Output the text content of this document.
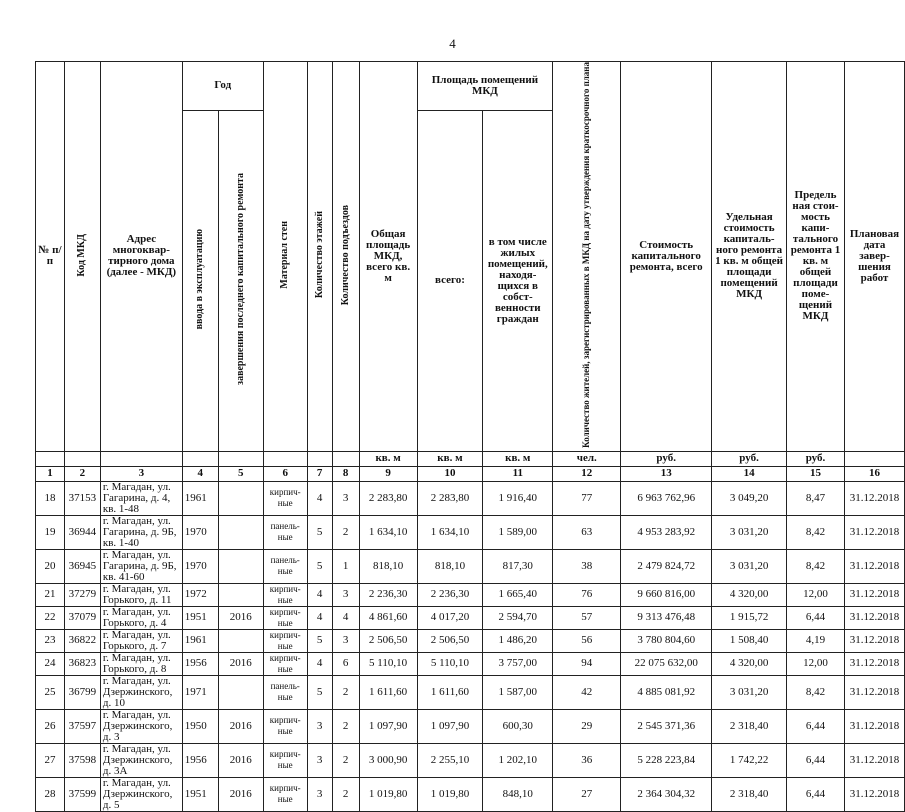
4
№ п/п	Код МКД	Адрес многоквар-тирного дома (далее - МКД)	Год		Материал стен	Количество этажей	Количество подъездов	Общая площадь МКД, всего кв. м	Площадь помещений МКД		Количество жителей, зарегистрированных в МКД на дату утверждения краткосрочного плана	Стоимость капитального ремонта, всего	Удельная стоимость капиталь-ного ремонта 1 кв. м общей площади помещений МКД	Предель ная стои-мость капи-тального ремонта 1 кв. м общей площади поме-щений МКД	Плановая дата завер-шения работ
			ввода в эксплуатацию	завершения последнего капитального ремонта					всего:	в том числе жилых помещений, находя-щихся в собст-венности граждан					
								кв. м	кв. м	кв. м	чел.	руб.	руб.	руб.	
1	2	3	4	5	6	7	8	9	10	11	12	13	14	15	16
18	37153	г. Магадан, ул. Гагарина, д. 4, кв. 1-48	1961		кирпич-ные	4	3	2 283,80	2 283,80	1 916,40	77	6 963 762,96	3 049,20	8,47	31.12.2018
19	36944	г. Магадан, ул. Гагарина, д. 9Б, кв. 1-40	1970		панель-ные	5	2	1 634,10	1 634,10	1 589,00	63	4 953 283,92	3 031,20	8,42	31.12.2018
20	36945	г. Магадан, ул. Гагарина, д. 9Б, кв. 41-60	1970		панель-ные	5	1	818,10	818,10	817,30	38	2 479 824,72	3 031,20	8,42	31.12.2018
21	37279	г. Магадан, ул. Горького, д. 11	1972		кирпич-ные	4	3	2 236,30	2 236,30	1 665,40	76	9 660 816,00	4 320,00	12,00	31.12.2018
22	37079	г. Магадан, ул. Горького, д. 4	1951	2016	кирпич-ные	4	4	4 861,60	4 017,20	2 594,70	57	9 313 476,48	1 915,72	6,44	31.12.2018
23	36822	г. Магадан, ул. Горького, д. 7	1961		кирпич-ные	5	3	2 506,50	2 506,50	1 486,20	56	3 780 804,60	1 508,40	4,19	31.12.2018
24	36823	г. Магадан, ул. Горького, д. 8	1956	2016	кирпич-ные	4	6	5 110,10	5 110,10	3 757,00	94	22 075 632,00	4 320,00	12,00	31.12.2018
25	36799	г. Магадан, ул. Дзержинского, д. 10	1971		панель-ные	5	2	1 611,60	1 611,60	1 587,00	42	4 885 081,92	3 031,20	8,42	31.12.2018
26	37597	г. Магадан, ул. Дзержинского, д. 3	1950	2016	кирпич-ные	3	2	1 097,90	1 097,90	600,30	29	2 545 371,36	2 318,40	6,44	31.12.2018
27	37598	г. Магадан, ул. Дзержинского, д. 3А	1956	2016	кирпич-ные	3	2	3 000,90	2 255,10	1 202,10	36	5 228 223,84	1 742,22	6,44	31.12.2018
28	37599	г. Магадан, ул. Дзержинского, д. 5	1951	2016	кирпич-ные	3	2	1 019,80	1 019,80	848,10	27	2 364 304,32	2 318,40	6,44	31.12.2018
